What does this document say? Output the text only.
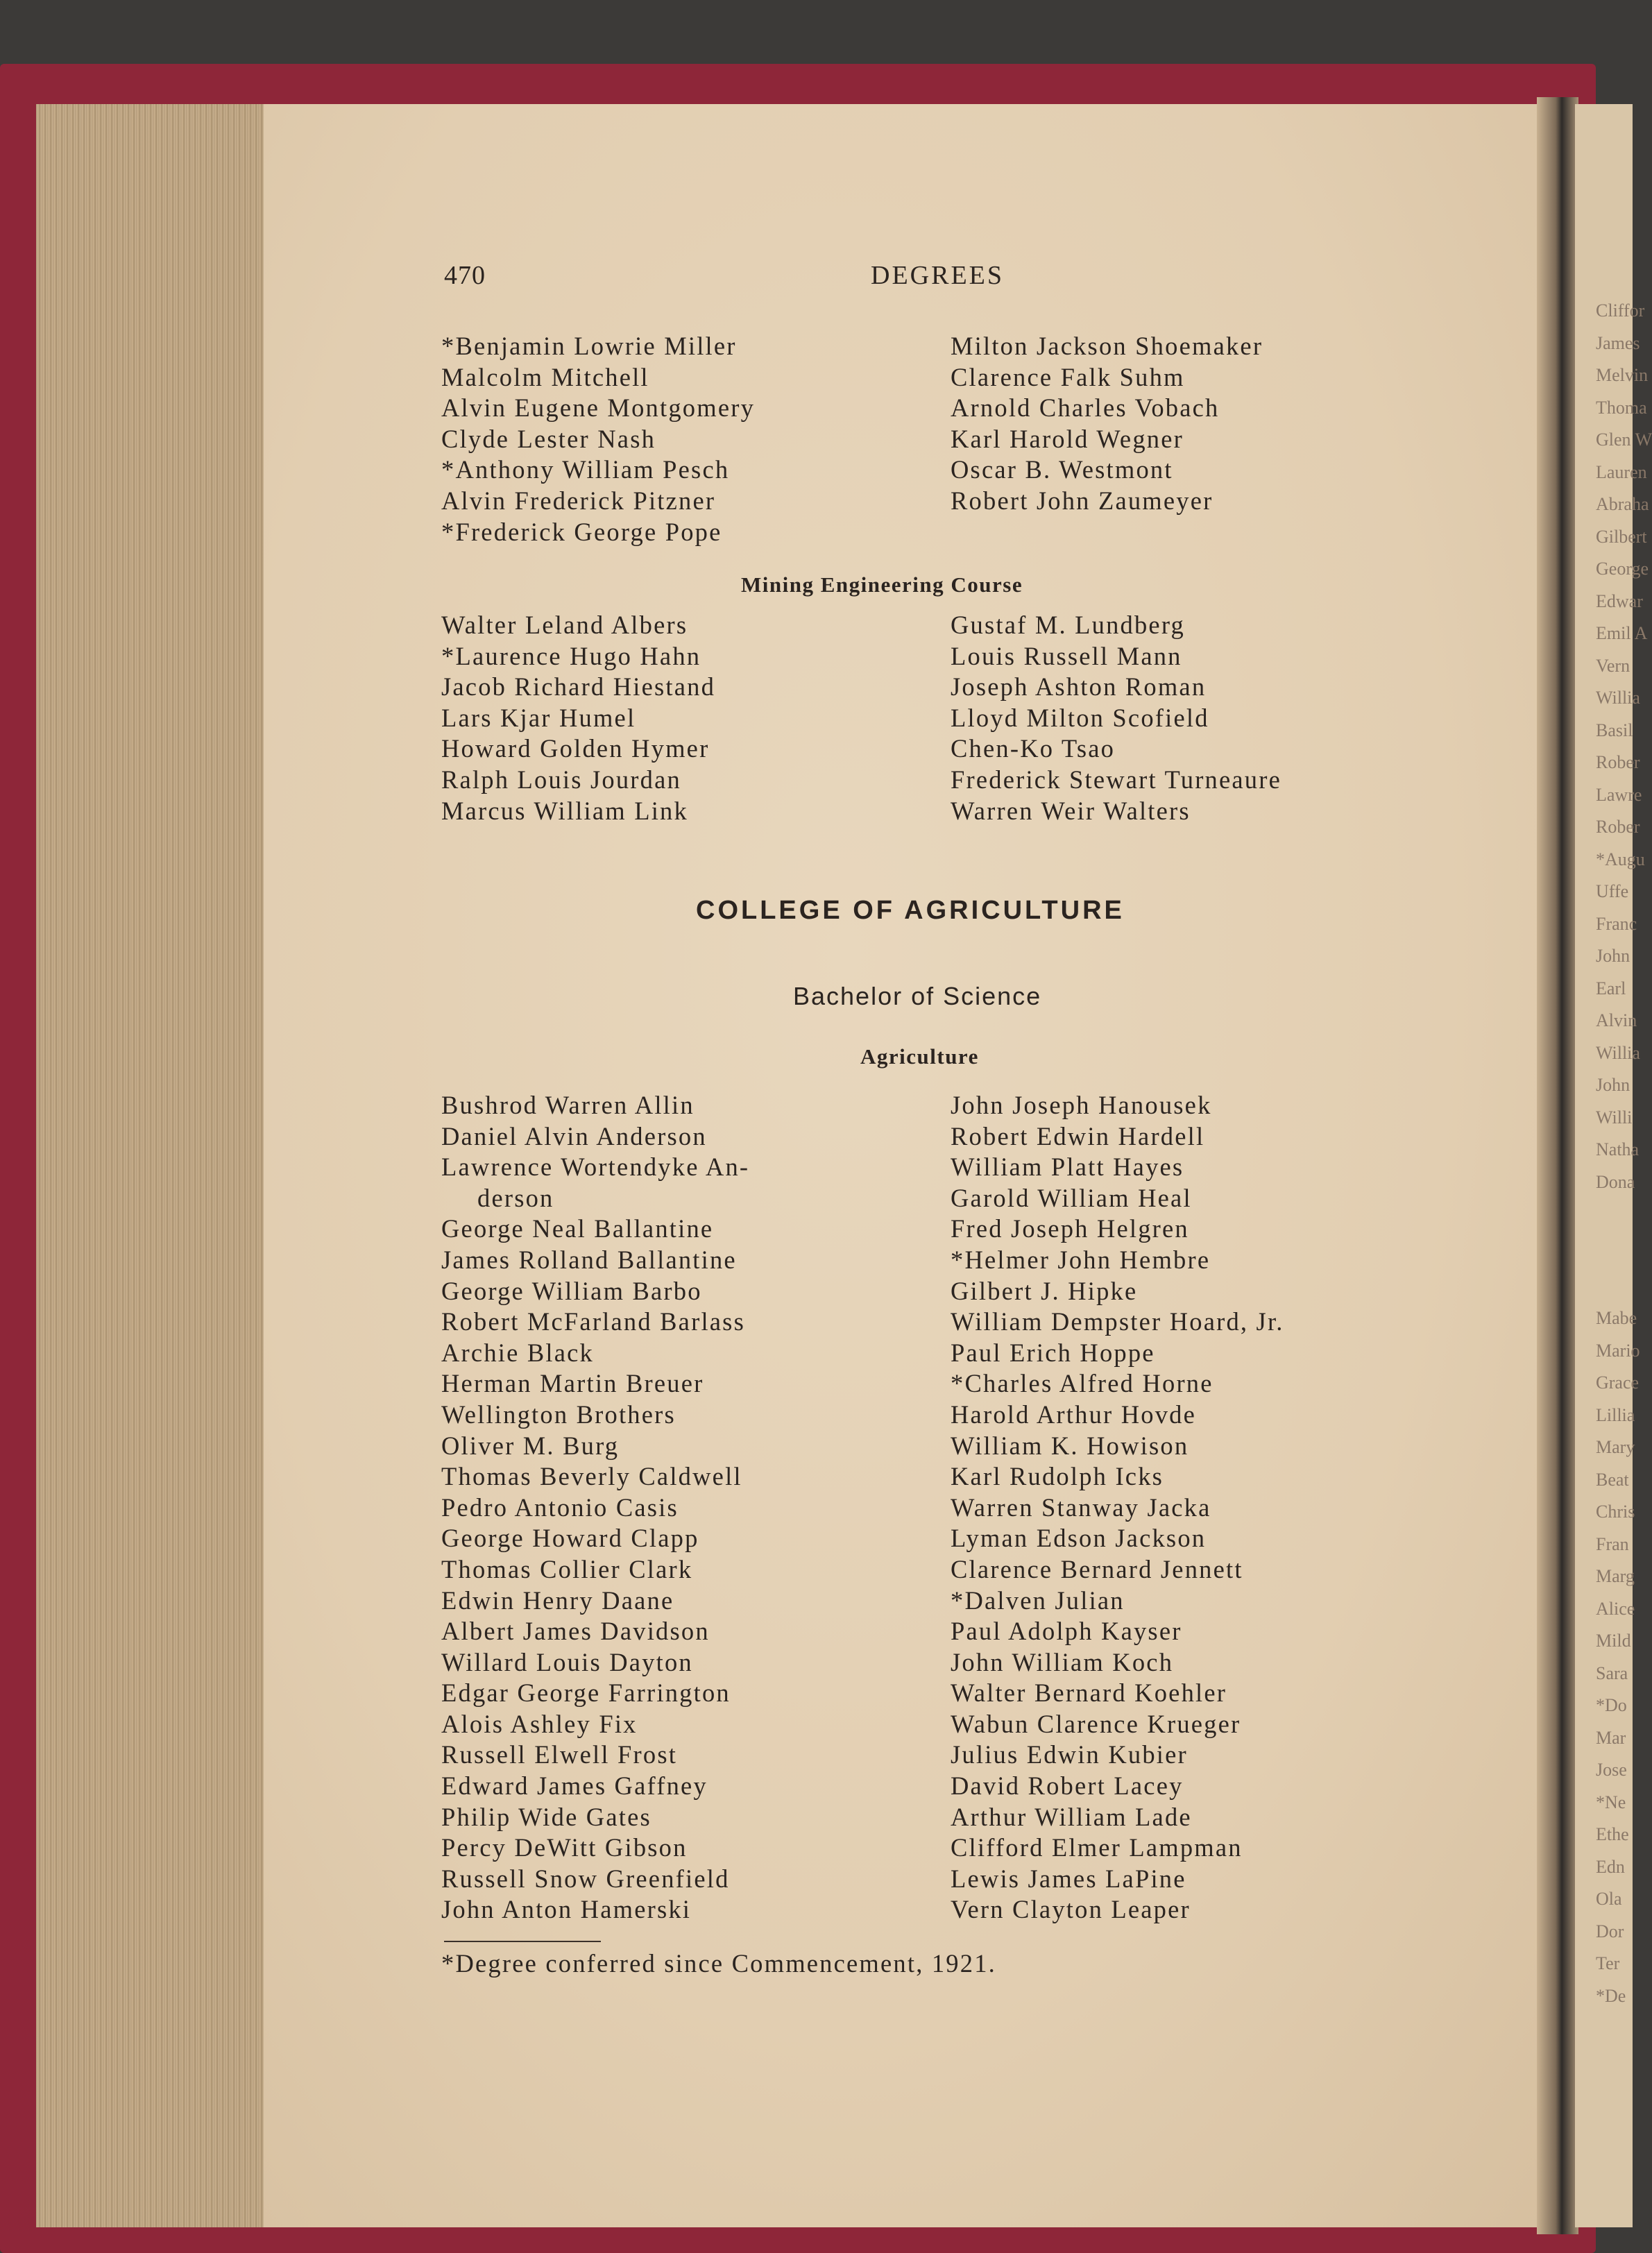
Cliffor
James
Melvin
Thoma
Glen W
Lauren
Abraha
Gilbert
George
Edwar
Emil A
Vern
Willia
Basil
Rober
Lawre
Rober
*Augu
Uffe
Franc
John
Earl
Alvin
Willia
John
Willi
Natha
Dona
Mabe
Mario
Grace
Lillia
Mary
Beat
Chris
Fran
Marg
Alice
Mild
Sara
*Do
Mar
Jose
*Ne
Ethe
Edn
Ola
Dor
Ter
*De
470	DEGREES
*Benjamin Lowrie Miller
Malcolm Mitchell
Alvin Eugene Montgomery
Clyde Lester Nash
*Anthony William Pesch
Alvin Frederick Pitzner
*Frederick George Pope
Milton Jackson Shoemaker
Clarence Falk Suhm
Arnold Charles Vobach
Karl Harold Wegner
Oscar B. Westmont
Robert John Zaumeyer
Mining Engineering Course
Walter Leland Albers
*Laurence Hugo Hahn
Jacob Richard Hiestand
Lars Kjar Humel
Howard Golden Hymer
Ralph Louis Jourdan
Marcus William Link
Gustaf M. Lundberg
Louis Russell Mann
Joseph Ashton Roman
Lloyd Milton Scofield
Chen-Ko Tsao
Frederick Stewart Turneaure
Warren Weir Walters
COLLEGE OF AGRICULTURE
Bachelor of Science
Agriculture
Bushrod Warren Allin
Daniel Alvin Anderson
Lawrence Wortendyke An-
derson
George Neal Ballantine
James Rolland Ballantine
George William Barbo
Robert McFarland Barlass
Archie Black
Herman Martin Breuer
Wellington Brothers
Oliver M. Burg
Thomas Beverly Caldwell
Pedro Antonio Casis
George Howard Clapp
Thomas Collier Clark
Edwin Henry Daane
Albert James Davidson
Willard Louis Dayton
Edgar George Farrington
Alois Ashley Fix
Russell Elwell Frost
Edward James Gaffney
Philip Wide Gates
Percy DeWitt Gibson
Russell Snow Greenfield
John Anton Hamerski
John Joseph Hanousek
Robert Edwin Hardell
William Platt Hayes
Garold William Heal
Fred Joseph Helgren
*Helmer John Hembre
Gilbert J. Hipke
William Dempster Hoard, Jr.
Paul Erich Hoppe
*Charles Alfred Horne
Harold Arthur Hovde
William K. Howison
Karl Rudolph Icks
Warren Stanway Jacka
Lyman Edson Jackson
Clarence Bernard Jennett
*Dalven Julian
Paul Adolph Kayser
John William Koch
Walter Bernard Koehler
Wabun Clarence Krueger
Julius Edwin Kubier
David Robert Lacey
Arthur William Lade
Clifford Elmer Lampman
Lewis James LaPine
Vern Clayton Leaper
*Degree conferred since Commencement, 1921.
